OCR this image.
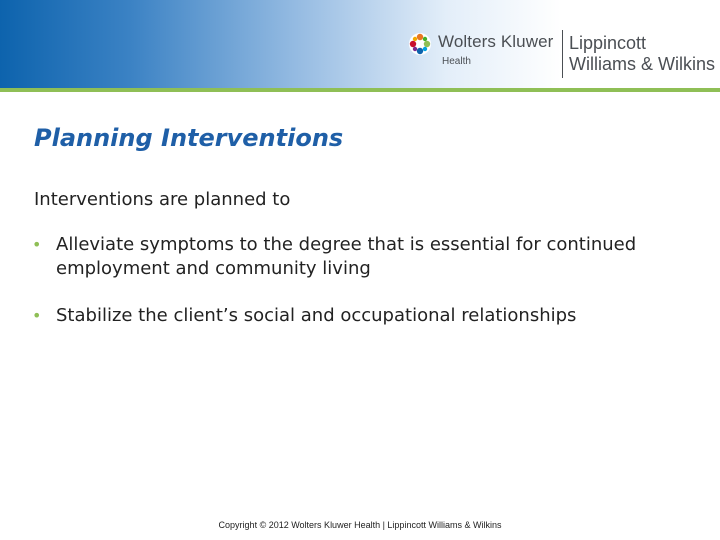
Wolters Kluwer
Health
Lippincott
Williams & Wilkins
Planning Interventions

Interventions are planned to

• Alleviate symptoms to the degree that is essential for continued employment and community living
• Stabilize the client’s social and occupational relationships
Copyright © 2012 Wolters Kluwer Health | Lippincott Williams & Wilkins
